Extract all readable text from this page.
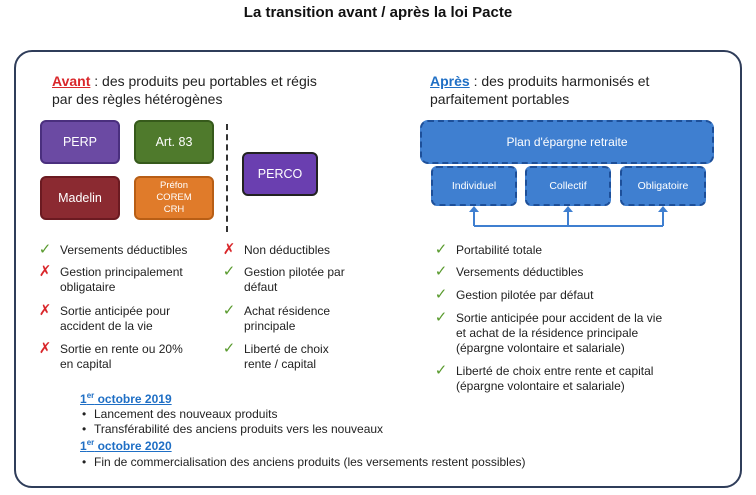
La transition avant / après la loi Pacte
Avant : des produits peu portables et régis
par des règles hétérogènes
Après : des produits harmonisés et
parfaitement portables
PERP	Art. 83
Madelin
Préfon
COREM
CRH
PERCO
Plan d'épargne retraite
Individuel	Collectif	Obligatoire
✓ Versements déductibles
✗ Gestion principalement
obligataire
✗ Sortie anticipée pour
accident de la vie
✗ Sortie en rente ou 20%
en capital
✗ Non déductibles
✓ Gestion pilotée par
défaut
✓ Achat résidence
principale
✓ Liberté de choix
rente / capital
✓ Portabilité totale
✓ Versements déductibles
✓ Gestion pilotée par défaut
✓ Sortie anticipée pour accident de la vie
et achat de la résidence principale
(épargne volontaire et salariale)
✓ Liberté de choix entre rente et capital
(épargne volontaire et salariale)
1er octobre 2019
• Lancement des nouveaux produits
• Transférabilité des anciens produits vers les nouveaux
1er octobre 2020
• Fin de commercialisation des anciens produits (les versements restent possibles)
